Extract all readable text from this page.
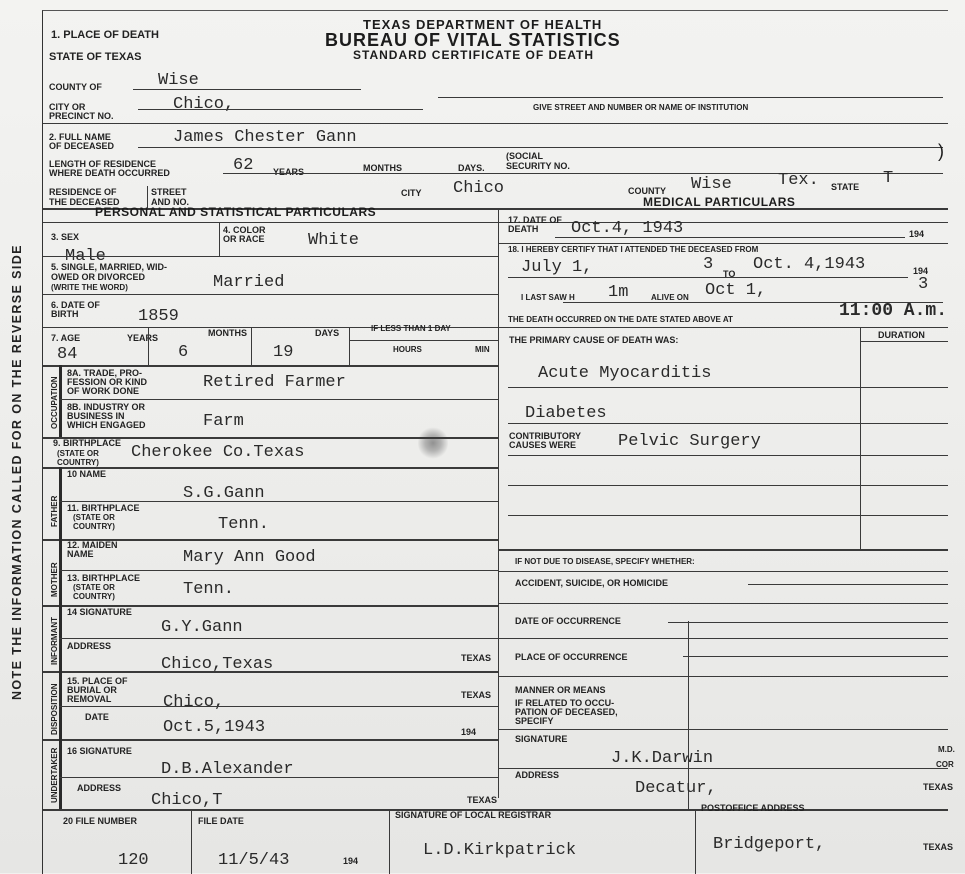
NOTE THE INFORMATION CALLED FOR ON THE REVERSE SIDE
TEXAS DEPARTMENT OF HEALTH
BUREAU OF VITAL STATISTICS
STANDARD CERTIFICATE OF DEATH
1. PLACE OF DEATH
STATE OF TEXAS
COUNTY OF	Wise
CITY OR
PRECINCT NO.
Chico,	GIVE STREET AND NUMBER OR NAME OF INSTITUTION
2. FULL NAME
OF DECEASED	James Chester Gann
LENGTH OF RESIDENCE
WHERE DEATH OCCURRED	62 YEARS	MONTHS	DAYS.
(SOCIAL
SECURITY NO.
)
RESIDENCE OF
THE DECEASED
STREET
AND NO.
CITY Chico	COUNTY Wise	Tex. STATE T
PERSONAL AND STATISTICAL PARTICULARS
MEDICAL PARTICULARS
3. SEX
Male
4. COLOR
OR RACE	White
5. SINGLE, MARRIED, WID-
OWED OR DIVORCED
(WRITE THE WORD)	Married
6. DATE OF
BIRTH	1859
7. AGE	YEARS	MONTHS	DAYS	IF LESS THAN 1 DAY
HOURS	MIN
84	6	19
OCCUPATION
8A. TRADE, PRO-
FESSION OR KIND
OF WORK DONE	Retired Farmer
8B. INDUSTRY OR
BUSINESS IN
WHICH ENGAGED	Farm
9. BIRTHPLACE
(STATE OR
COUNTRY)
Cherokee Co.Texas
FATHER
10 NAME
S.G.Gann
11. BIRTHPLACE
(STATE OR
COUNTRY)	Tenn.
MOTHER
12. MAIDEN
NAME	Mary Ann Good
13. BIRTHPLACE
(STATE OR
COUNTRY)	Tenn.
INFORMANT
14 SIGNATURE
G.Y.Gann
ADDRESS
Chico,Texas	TEXAS
DISPOSITION
15. PLACE OF
BURIAL OR
REMOVAL	Chico,	TEXAS
DATE
Oct.5,1943	194
UNDERTAKER 16 SIGNATURE
D.B.Alexander
ADDRESS
Chico,T	TEXAS
17. DATE OF
DEATH Oct.4, 1943	194
18. I HEREBY CERTIFY THAT I ATTENDED THE DECEASED FROM
July 1,	3 TO Oct. 4,1943	194
I LAST SAW H 1m	ALIVE ON Oct 1,	3
THE DEATH OCCURRED ON THE DATE STATED ABOVE AT	11:00 A.m.
THE PRIMARY CAUSE OF DEATH WAS:	DURATION
Acute Myocarditis
Diabetes
CONTRIBUTORY
CAUSES WERE Pelvic Surgery
IF NOT DUE TO DISEASE, SPECIFY WHETHER:
ACCIDENT, SUICIDE, OR HOMICIDE
DATE OF OCCURRENCE
PLACE OF OCCURRENCE
MANNER OR MEANS
IF RELATED TO OCCU-
PATION OF DECEASED,
SPECIFY
SIGNATURE
J.K.Darwin	M.D.
COR
ADDRESS
Decatur,	TEXAS
20 FILE NUMBER
120
FILE DATE
11/5/43	194
SIGNATURE OF LOCAL REGISTRAR
L.D.Kirkpatrick
POSTOFFICE ADDRESS
Bridgeport,	TEXAS
